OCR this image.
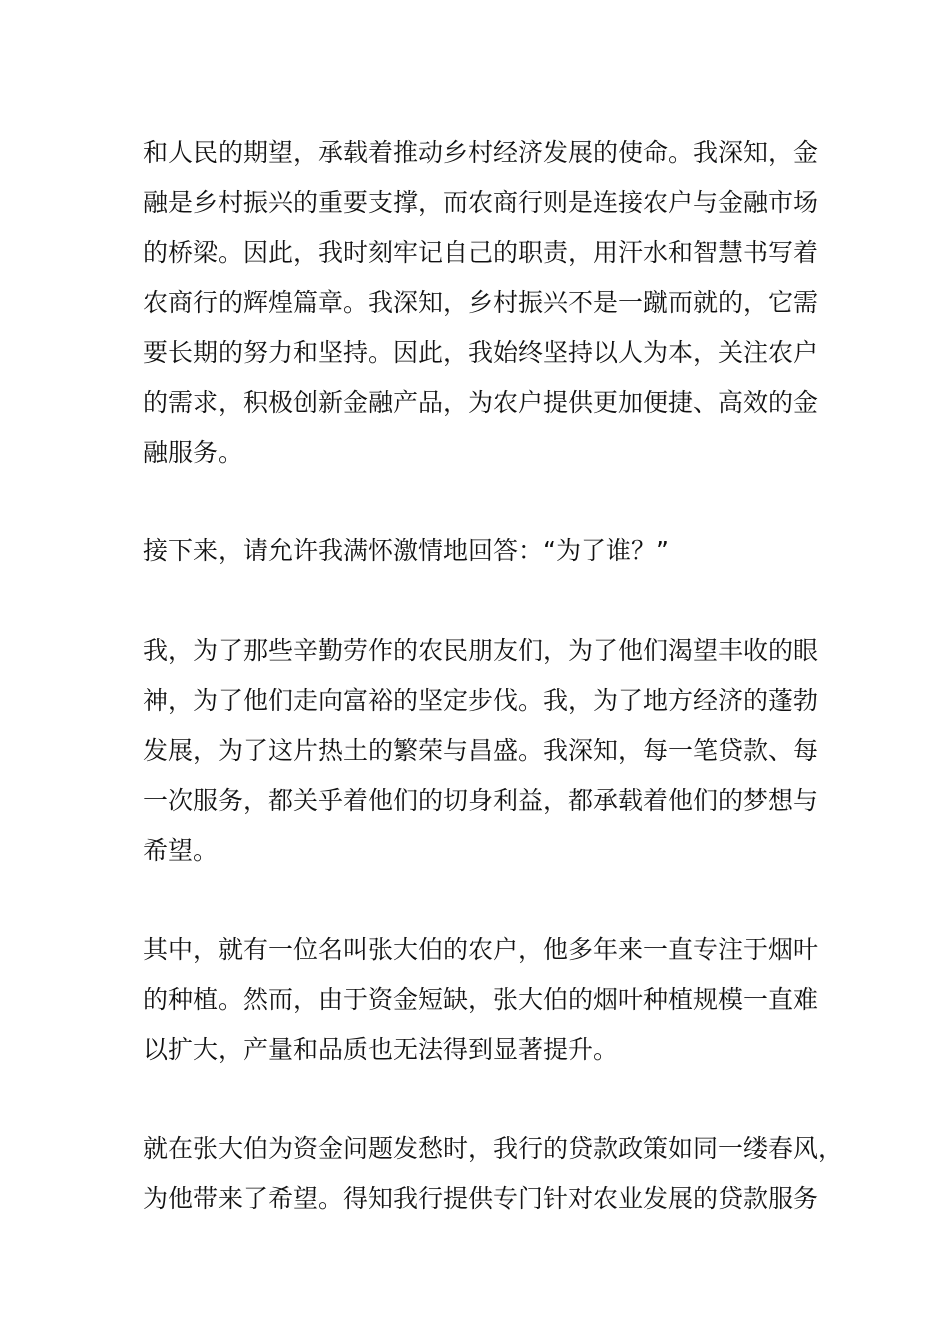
和人民的期望，承载着推动乡村经济发展的使命。我深知，金
融是乡村振兴的重要支撑，而农商行则是连接农户与金融市场
的桥梁。因此，我时刻牢记自己的职责，用汗水和智慧书写着
农商行的辉煌篇章。我深知，乡村振兴不是一蹴而就的，它需
要长期的努力和坚持。因此，我始终坚持以人为本，关注农户
的需求，积极创新金融产品，为农户提供更加便捷、高效的金
融服务。

接下来，请允许我满怀激情地回答：“为了谁？”

我，为了那些辛勤劳作的农民朋友们，为了他们渴望丰收的眼
神，为了他们走向富裕的坚定步伐。我，为了地方经济的蓬勃
发展，为了这片热土的繁荣与昌盛。我深知，每一笔贷款、每
一次服务，都关乎着他们的切身利益，都承载着他们的梦想与
希望。

其中，就有一位名叫张大伯的农户，他多年来一直专注于烟叶
的种植。然而，由于资金短缺，张大伯的烟叶种植规模一直难
以扩大，产量和品质也无法得到显著提升。

就在张大伯为资金问题发愁时，我行的贷款政策如同一缕春风，
为他带来了希望。得知我行提供专门针对农业发展的贷款服务
